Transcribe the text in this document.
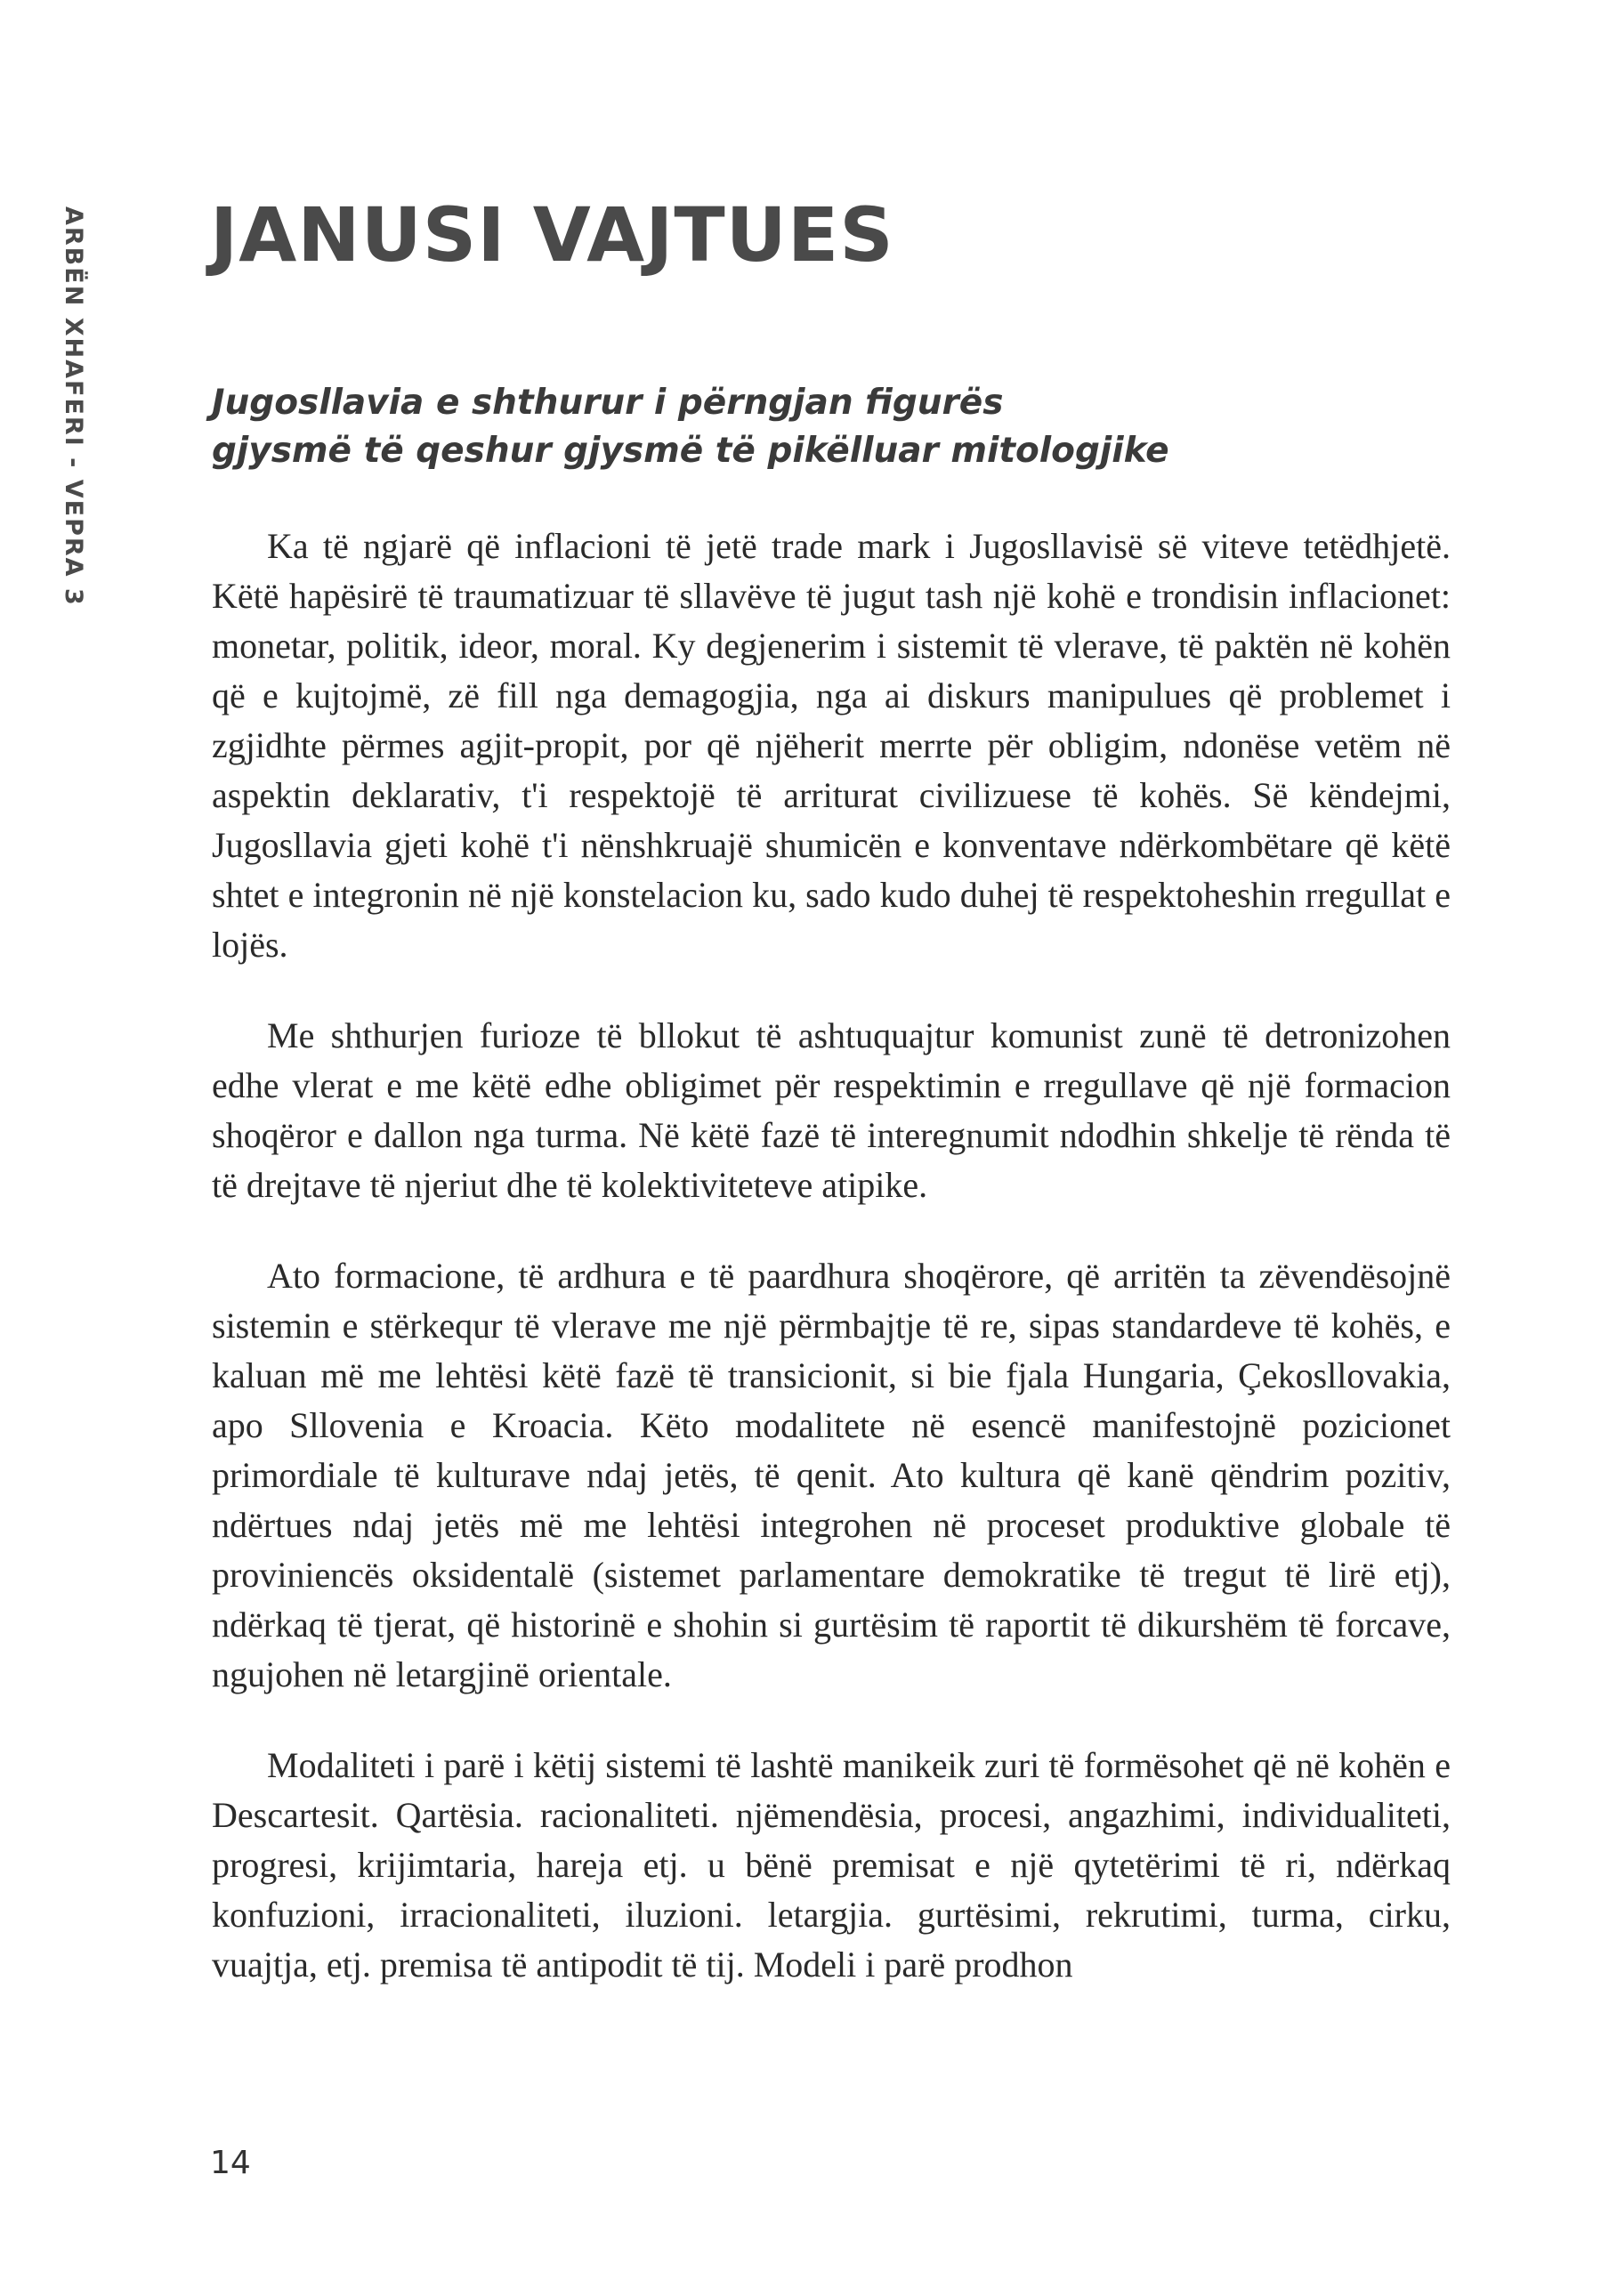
ARBËN XHAFERI - VEPRA 3 JANUSI VAJTUES
Jugosllavia e shthurur i përngjan figurës
gjysmë të qeshur gjysmë të pikëlluar mitologjike

Ka të ngjarë që inflacioni të jetë trade mark i Jugosllavisë së viteve tetëdhjetë. Këtë hapësirë të traumatizuar të sllavëve të jugut tash një kohë e trondisin inflacionet: monetar, politik, ideor, moral. Ky degjenerim i sistemit të vlerave, të paktën në kohën që e kujtojmë, zë fill nga demagogjia, nga ai diskurs manipulues që problemet i zgjidhte përmes agjit-propit, por që njëherit merrte për obligim, ndonëse vetëm në aspektin deklarativ, t'i respektojë të arriturat civilizuese të kohës. Së këndejmi, Jugosllavia gjeti kohë t'i nënshkruajë shumicën e konventave ndërkombëtare që këtë shtet e integronin në një konstelacion ku, sado kudo duhej të respektoheshin rregullat e lojës.

Me shthurjen furioze të bllokut të ashtuquajtur komunist zunë të detronizohen edhe vlerat e me këtë edhe obligimet për respektimin e rregullave që një formacion shoqëror e dallon nga turma. Në këtë fazë të interegnumit ndodhin shkelje të rënda të të drejtave të njeriut dhe të kolektiviteteve atipike.

Ato formacione, të ardhura e të paardhura shoqërore, që arritën ta zëvendësojnë sistemin e stërkequr të vlerave me një përmbajtje të re, sipas standardeve të kohës, e kaluan më me lehtësi këtë fazë të transicionit, si bie fjala Hungaria, Çekosllovakia, apo Sllovenia e Kroacia. Këto modalitete në esencë manifestojnë pozicionet primordiale të kulturave ndaj jetës, të qenit. Ato kultura që kanë qëndrim pozitiv, ndërtues ndaj jetës më me lehtësi integrohen në proceset produktive globale të proviniencës oksidentalë (sistemet parlamentare demokratike të tregut të lirë etj), ndërkaq të tjerat, që historinë e shohin si gurtësim të raportit të dikurshëm të forcave, ngujohen në letargjinë orientale.

Modaliteti i parë i këtij sistemi të lashtë manikeik zuri të formësohet që në kohën e Descartesit. Qartësia. racionaliteti. njëmendësia, procesi, angazhimi, individualiteti, progresi, krijimtaria, hareja etj. u bënë premisat e një qytetërimi të ri, ndërkaq konfuzioni, irracionaliteti, iluzioni. letargjia. gurtësimi, rekrutimi, turma, cirku, vuajtja, etj. premisa të antipodit të tij. Modeli i parë prodhon

14
